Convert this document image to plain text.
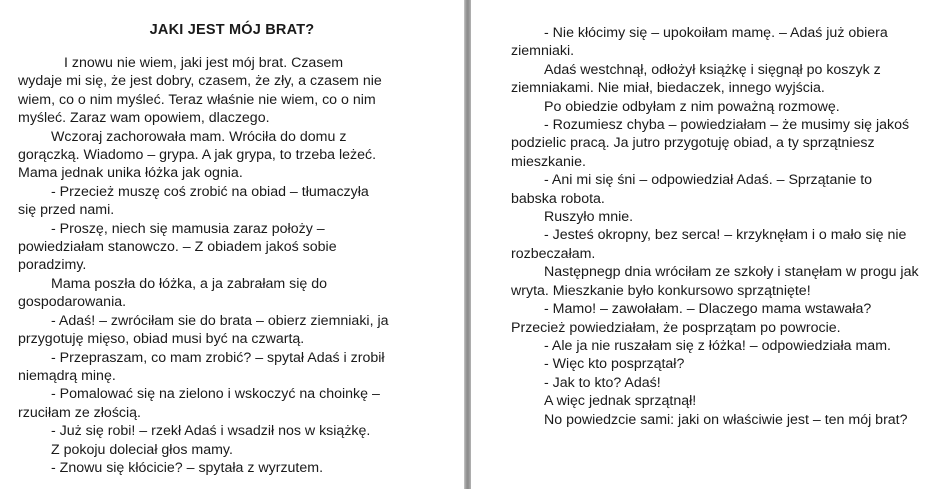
JAKI JEST MÓJ BRAT?

I znowu nie wiem, jaki jest mój brat. Czasem wydaje mi się, że jest dobry, czasem, że zły, a czasem nie wiem, co o nim myśleć. Teraz właśnie nie wiem, co o nim myśleć. Zaraz wam opowiem, dlaczego.

Wczoraj zachorowała mam. Wróciła do domu z gorączką. Wiadomo – grypa. A jak grypa, to trzeba leżeć. Mama jednak unika łóżka jak ognia.

- Przecież muszę coś zrobić na obiad – tłumaczyła się przed nami.

- Proszę, niech się mamusia zaraz położy – powiedziałam stanowczo. – Z obiadem jakoś sobie poradzimy.

Mama poszła do łóżka, a ja zabrałam się do gospodarowania.

- Adaś! – zwróciłam sie do brata – obierz ziemniaki, ja przygotuję mięso, obiad musi być na czwartą.

- Przepraszam, co mam zrobić? – spytał Adaś i zrobił niemądrą minę.

- Pomalować się na zielono i wskoczyć na choinkę – rzuciłam ze złością.

- Już się robi! – rzekł Adaś i wsadził nos w książkę.

Z pokoju doleciał głos mamy.

- Znowu się kłócicie? – spytała z wyrzutem.

- Nie kłócimy się – upokoiłam mamę. – Adaś już obiera ziemniaki.

Adaś westchnął, odłożył książkę i sięgnął po koszyk z ziemniakami. Nie miał, biedaczek, innego wyjścia.

Po obiedzie odbyłam z nim poważną rozmowę.

- Rozumiesz chyba – powiedziałam – że musimy się jakoś podzielic pracą. Ja jutro przygotuję obiad, a ty sprzątniesz mieszkanie.

- Ani mi się śni – odpowiedział Adaś. – Sprzątanie to babska robota.

Ruszyło mnie.

- Jesteś okropny, bez serca! – krzyknęłam i o mało się nie rozbeczałam.

Następnegp dnia wróciłam ze szkoły i stanęłam w progu jak wryta. Mieszkanie było konkursowo sprzątnięte!

- Mamo! – zawołałam. – Dlaczego mama wstawała? Przecież powiedziałam, że posprzątam po powrocie.

- Ale ja nie ruszałam się z łóżka! – odpowiedziała mam.

- Więc kto posprzątał?

- Jak to kto? Adaś!

A więc jednak sprzątnął!

No powiedzcie sami: jaki on właściwie jest – ten mój brat?
